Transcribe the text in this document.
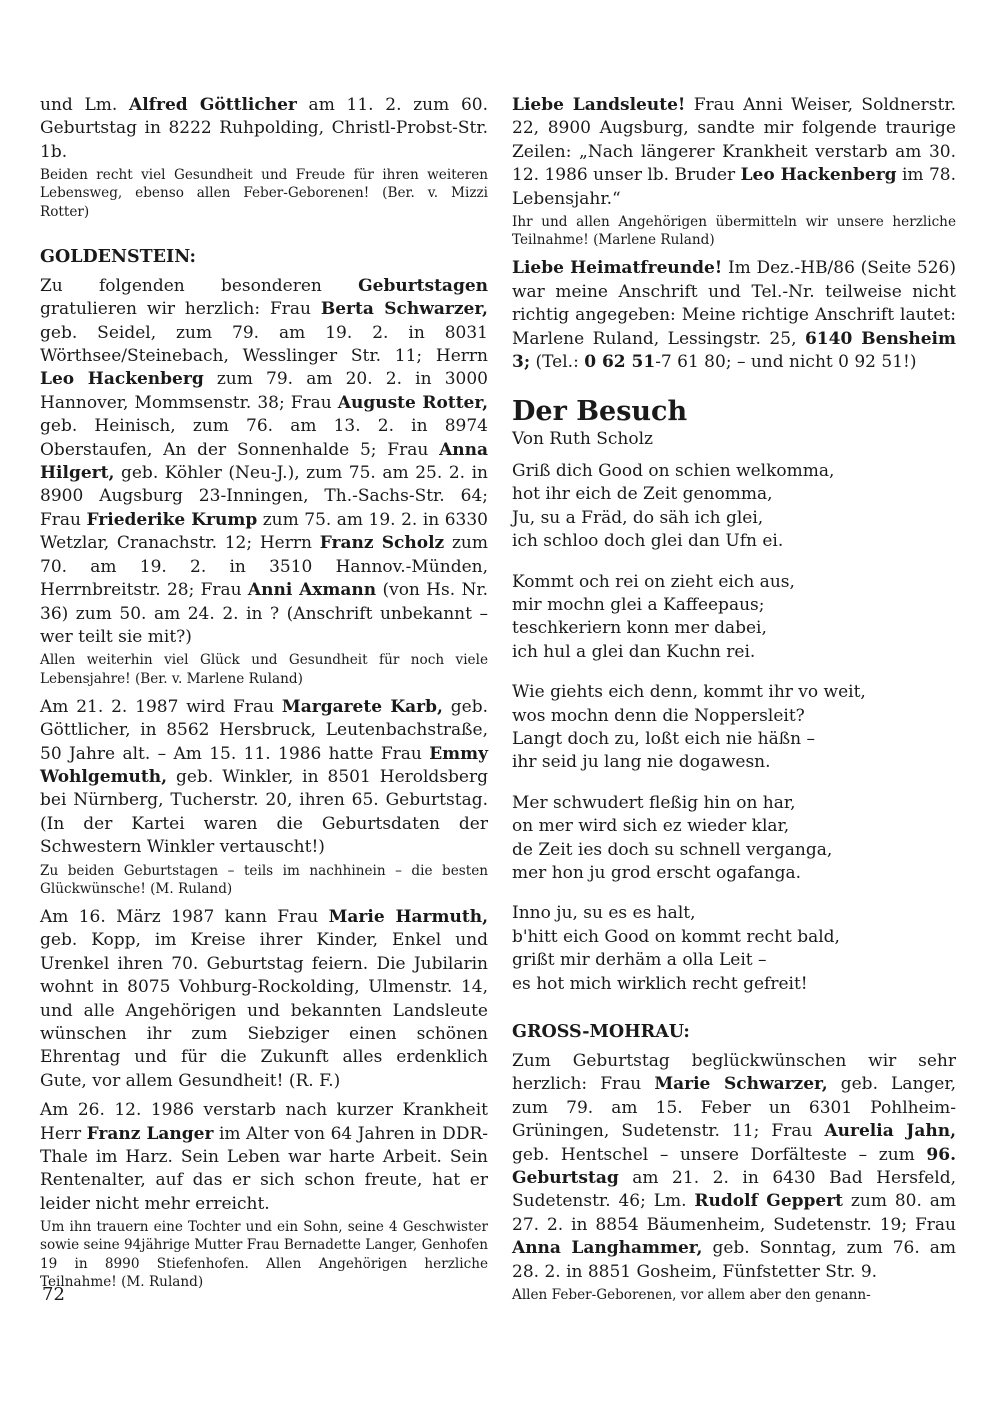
und Lm. Alfred Göttlicher am 11. 2. zum 60. Geburtstag in 8222 Ruhpolding, Christl-Probst-Str. 1b.
Beiden recht viel Gesundheit und Freude für ihren weiteren Lebensweg, ebenso allen Feber-Geborenen! (Ber. v. Mizzi Rotter)
GOLDENSTEIN:
Zu folgenden besonderen Geburtstagen gratulieren wir herzlich: Frau Berta Schwarzer, geb. Seidel, zum 79. am 19. 2. in 8031 Wörthsee/Steinebach, Wesslinger Str. 11; Herrn Leo Hackenberg zum 79. am 20. 2. in 3000 Hannover, Mommsenstr. 38; Frau Auguste Rotter, geb. Heinisch, zum 76. am 13. 2. in 8974 Oberstaufen, An der Sonnenhalde 5; Frau Anna Hilgert, geb. Köhler (Neu-J.), zum 75. am 25. 2. in 8900 Augsburg 23-Inningen, Th.-Sachs-Str. 64; Frau Friederike Krump zum 75. am 19. 2. in 6330 Wetzlar, Cranachstr. 12; Herrn Franz Scholz zum 70. am 19. 2. in 3510 Hannov.-Münden, Herrnbreitstr. 28; Frau Anni Axmann (von Hs. Nr. 36) zum 50. am 24. 2. in ? (Anschrift unbekannt – wer teilt sie mit?)
Allen weiterhin viel Glück und Gesundheit für noch viele Lebensjahre! (Ber. v. Marlene Ruland)
Am 21. 2. 1987 wird Frau Margarete Karb, geb. Göttlicher, in 8562 Hersbruck, Leutenbachstraße, 50 Jahre alt. – Am 15. 11. 1986 hatte Frau Emmy Wohlgemuth, geb. Winkler, in 8501 Heroldsberg bei Nürnberg, Tucherstr. 20, ihren 65. Geburtstag. (In der Kartei waren die Geburtsdaten der Schwestern Winkler vertauscht!)
Zu beiden Geburtstagen – teils im nachhinein – die besten Glückwünsche! (M. Ruland)
Am 16. März 1987 kann Frau Marie Harmuth, geb. Kopp, im Kreise ihrer Kinder, Enkel und Urenkel ihren 70. Geburtstag feiern. Die Jubilarin wohnt in 8075 Vohburg-Rockolding, Ulmenstr. 14, und alle Angehörigen und bekannten Landsleute wünschen ihr zum Siebziger einen schönen Ehrentag und für die Zukunft alles erdenklich Gute, vor allem Gesundheit! (R. F.)
Am 26. 12. 1986 verstarb nach kurzer Krankheit Herr Franz Langer im Alter von 64 Jahren in DDR-Thale im Harz. Sein Leben war harte Arbeit. Sein Rentenalter, auf das er sich schon freute, hat er leider nicht mehr erreicht.
Um ihn trauern eine Tochter und ein Sohn, seine 4 Geschwister sowie seine 94jährige Mutter Frau Bernadette Langer, Genhofen 19 in 8990 Stiefenhofen. Allen Angehörigen herzliche Teilnahme! (M. Ruland)
Liebe Landsleute! Frau Anni Weiser, Soldnerstr. 22, 8900 Augsburg, sandte mir folgende traurige Zeilen: „Nach längerer Krankheit verstarb am 30. 12. 1986 unser lb. Bruder Leo Hackenberg im 78. Lebensjahr.“
Ihr und allen Angehörigen übermitteln wir unsere herzliche Teilnahme! (Marlene Ruland)
Liebe Heimatfreunde! Im Dez.-HB/86 (Seite 526) war meine Anschrift und Tel.-Nr. teilweise nicht richtig angegeben: Meine richtige Anschrift lautet: Marlene Ruland, Lessingstr. 25, 6140 Bensheim 3; (Tel.: 0 62 51-7 61 80; – und nicht 0 92 51!)
Der Besuch
Von Ruth Scholz
Griß dich Good on schien welkomma,
hot ihr eich de Zeit genomma,
Ju, su a Fräd, do säh ich glei,
ich schloo doch glei dan Ufn ei.
Kommt och rei on zieht eich aus,
mir mochn glei a Kaffeepaus;
teschkeriern konn mer dabei,
ich hul a glei dan Kuchn rei.
Wie giehts eich denn, kommt ihr vo weit,
wos mochn denn die Noppersleit?
Langt doch zu, loßt eich nie häßn –
ihr seid ju lang nie dogawesn.
Mer schwudert fleßig hin on har,
on mer wird sich ez wieder klar,
de Zeit ies doch su schnell verganga,
mer hon ju grod erscht ogafanga.
Inno ju, su es es halt,
b'hitt eich Good on kommt recht bald,
grißt mir derhäm a olla Leit –
es hot mich wirklich recht gefreit!
GROSS-MOHRAU:
Zum Geburtstag beglückwünschen wir sehr herzlich: Frau Marie Schwarzer, geb. Langer, zum 79. am 15. Feber un 6301 Pohlheim-Grüningen, Sudetenstr. 11; Frau Aurelia Jahn, geb. Hentschel – unsere Dorfälteste – zum 96. Geburtstag am 21. 2. in 6430 Bad Hersfeld, Sudetenstr. 46; Lm. Rudolf Geppert zum 80. am 27. 2. in 8854 Bäumenheim, Sudetenstr. 19; Frau Anna Langhammer, geb. Sonntag, zum 76. am 28. 2. in 8851 Gosheim, Fünfstetter Str. 9.
Allen Feber-Geborenen, vor allem aber den genann-
72
